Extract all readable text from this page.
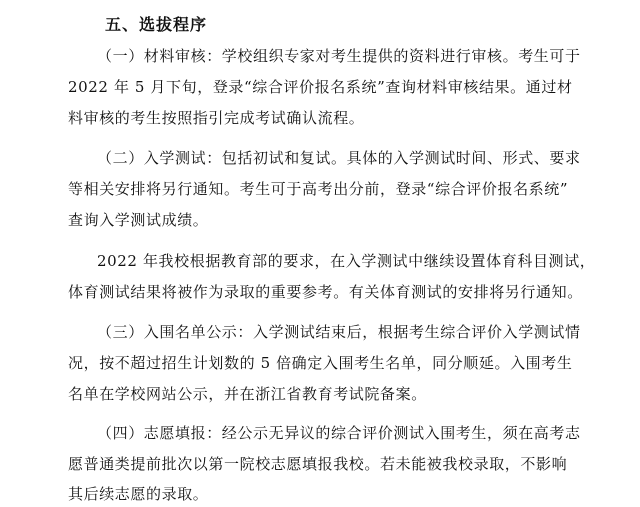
五、选拔程序
（一）材料审核：学校组织专家对考生提供的资料进行审核。考生可于
2022 年 5 月下旬，登录“综合评价报名系统”查询材料审核结果。通过材
料审核的考生按照指引完成考试确认流程。
（二）入学测试：包括初试和复试。具体的入学测试时间、形式、要求
等相关安排将另行通知。考生可于高考出分前，登录“综合评价报名系统”
查询入学测试成绩。
2022 年我校根据教育部的要求，在入学测试中继续设置体育科目测试，
体育测试结果将被作为录取的重要参考。有关体育测试的安排将另行通知。
（三）入围名单公示：入学测试结束后，根据考生综合评价入学测试情
况，按不超过招生计划数的 5 倍确定入围考生名单，同分顺延。入围考生
名单在学校网站公示，并在浙江省教育考试院备案。
（四）志愿填报：经公示无异议的综合评价测试入围考生，须在高考志
愿普通类提前批次以第一院校志愿填报我校。若未能被我校录取，不影响
其后续志愿的录取。
